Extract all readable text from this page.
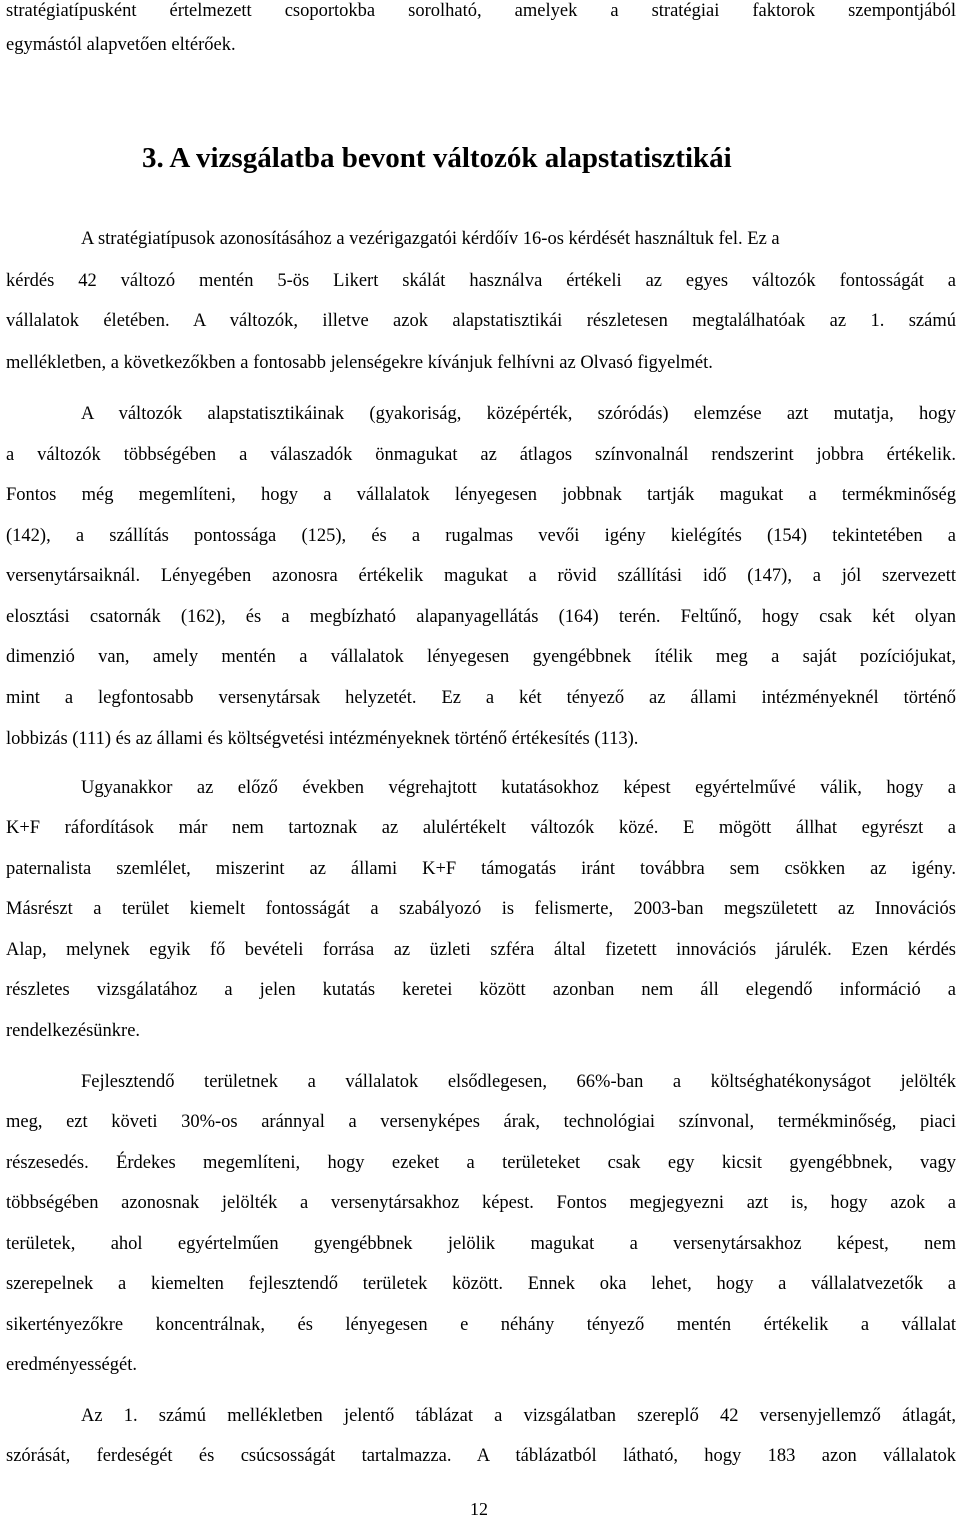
stratégiatípusként értelmezett csoportokba sorolható, amelyek a stratégiai faktorok szempontjából
egymástól alapvetően eltérőek.
3. A vizsgálatba bevont változók alapstatisztikái
A stratégiatípusok azonosításához a vezérigazgatói kérdőív 16-os kérdését használtuk fel. Ez a
kérdés 42 változó mentén 5-ös Likert skálát használva értékeli az egyes változók fontosságát a
vállalatok életében. A változók, illetve azok alapstatisztikái részletesen megtalálhatóak az 1. számú
mellékletben, a következőkben a fontosabb jelenségekre kívánjuk felhívni az Olvasó figyelmét.
A változók alapstatisztikáinak (gyakoriság, középérték, szóródás) elemzése azt mutatja, hogy
a változók többségében a válaszadók önmagukat az átlagos színvonalnál rendszerint jobbra értékelik.
Fontos még megemlíteni, hogy a vállalatok lényegesen jobbnak tartják magukat a termékminőség
(142), a szállítás pontossága (125), és a rugalmas vevői igény kielégítés (154) tekintetében a
versenytársaiknál. Lényegében azonosra értékelik magukat a rövid szállítási idő (147), a jól szervezett
elosztási csatornák (162), és a megbízható alapanyagellátás (164) terén. Feltűnő, hogy csak két olyan
dimenzió van, amely mentén a vállalatok lényegesen gyengébbnek ítélik meg a saját pozíciójukat,
mint a legfontosabb versenytársak helyzetét. Ez a két tényező az állami intézményeknél történő
lobbizás (111) és az állami és költségvetési intézményeknek történő értékesítés (113).
Ugyanakkor az előző években végrehajtott kutatásokhoz képest egyértelművé válik, hogy a
K+F ráfordítások már nem tartoznak az alulértékelt változók közé. E mögött állhat egyrészt a
paternalista szemlélet, miszerint az állami K+F támogatás iránt továbbra sem csökken az igény.
Másrészt a terület kiemelt fontosságát a szabályozó is felismerte, 2003-ban megszületett az Innovációs
Alap, melynek egyik fő bevételi forrása az üzleti szféra által fizetett innovációs járulék. Ezen kérdés
részletes vizsgálatához a jelen kutatás keretei között azonban nem áll elegendő információ a
rendelkezésünkre.
Fejlesztendő területnek a vállalatok elsődlegesen, 66%-ban a költséghatékonyságot jelölték
meg, ezt követi 30%-os aránnyal a versenyképes árak, technológiai színvonal, termékminőség, piaci
részesedés. Érdekes megemlíteni, hogy ezeket a területeket csak egy kicsit gyengébbnek, vagy
többségében azonosnak jelölték a versenytársakhoz képest. Fontos megjegyezni azt is, hogy azok a
területek, ahol egyértelműen gyengébbnek jelölik magukat a versenytársakhoz képest, nem
szerepelnek a kiemelten fejlesztendő területek között. Ennek oka lehet, hogy a vállalatvezetők a
sikertényezőkre koncentrálnak, és lényegesen e néhány tényező mentén értékelik a vállalat
eredményességét.
Az 1. számú mellékletben jelentő táblázat a vizsgálatban szereplő 42 versenyjellemző átlagát,
szórását, ferdeségét és csúcsosságát tartalmazza. A táblázatból látható, hogy 183 azon vállalatok
12
